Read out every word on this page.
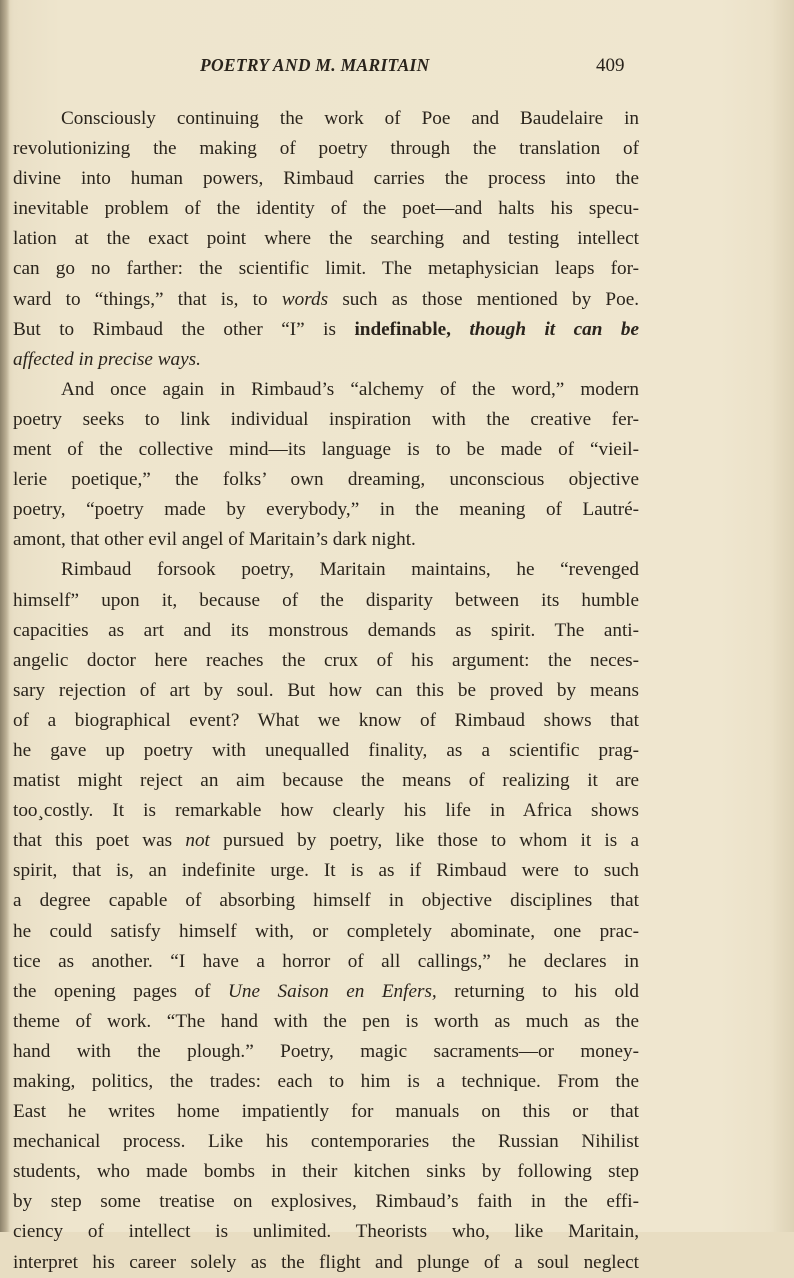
POETRY AND M. MARITAIN	409
Consciously continuing the work of Poe and Baudelaire in
revolutionizing the making of poetry through the translation of
divine into human powers, Rimbaud carries the process into the
inevitable problem of the identity of the poet—and halts his specu-
lation at the exact point where the searching and testing intellect
can go no farther: the scientific limit. The metaphysician leaps for-
ward to “things,” that is, to words such as those mentioned by Poe.
But to Rimbaud the other “I” is indefinable, though it can be
affected in precise ways.
And once again in Rimbaud’s “alchemy of the word,” modern
poetry seeks to link individual inspiration with the creative fer-
ment of the collective mind—its language is to be made of “vieil-
lerie poetique,” the folks’ own dreaming, unconscious objective
poetry, “poetry made by everybody,” in the meaning of Lautré-
amont, that other evil angel of Maritain’s dark night.
Rimbaud forsook poetry, Maritain maintains, he “revenged
himself” upon it, because of the disparity between its humble
capacities as art and its monstrous demands as spirit. The anti-
angelic doctor here reaches the crux of his argument: the neces-
sary rejection of art by soul. But how can this be proved by means
of a biographical event? What we know of Rimbaud shows that
he gave up poetry with unequalled finality, as a scientific prag-
matist might reject an aim because the means of realizing it are
too¸costly. It is remarkable how clearly his life in Africa shows
that this poet was not pursued by poetry, like those to whom it is a
spirit, that is, an indefinite urge. It is as if Rimbaud were to such
a degree capable of absorbing himself in objective disciplines that
he could satisfy himself with, or completely abominate, one prac-
tice as another. “I have a horror of all callings,” he declares in
the opening pages of Une Saison en Enfers, returning to his old
theme of work. “The hand with the pen is worth as much as the
hand with the plough.” Poetry, magic sacraments—or money-
making, politics, the trades: each to him is a technique. From the
East he writes home impatiently for manuals on this or that
mechanical process. Like his contemporaries the Russian Nihilist
students, who made bombs in their kitchen sinks by following step
by step some treatise on explosives, Rimbaud’s faith in the effi-
ciency of intellect is unlimited. Theorists who, like Maritain,
interpret his career solely as the flight and plunge of a soul neglect
